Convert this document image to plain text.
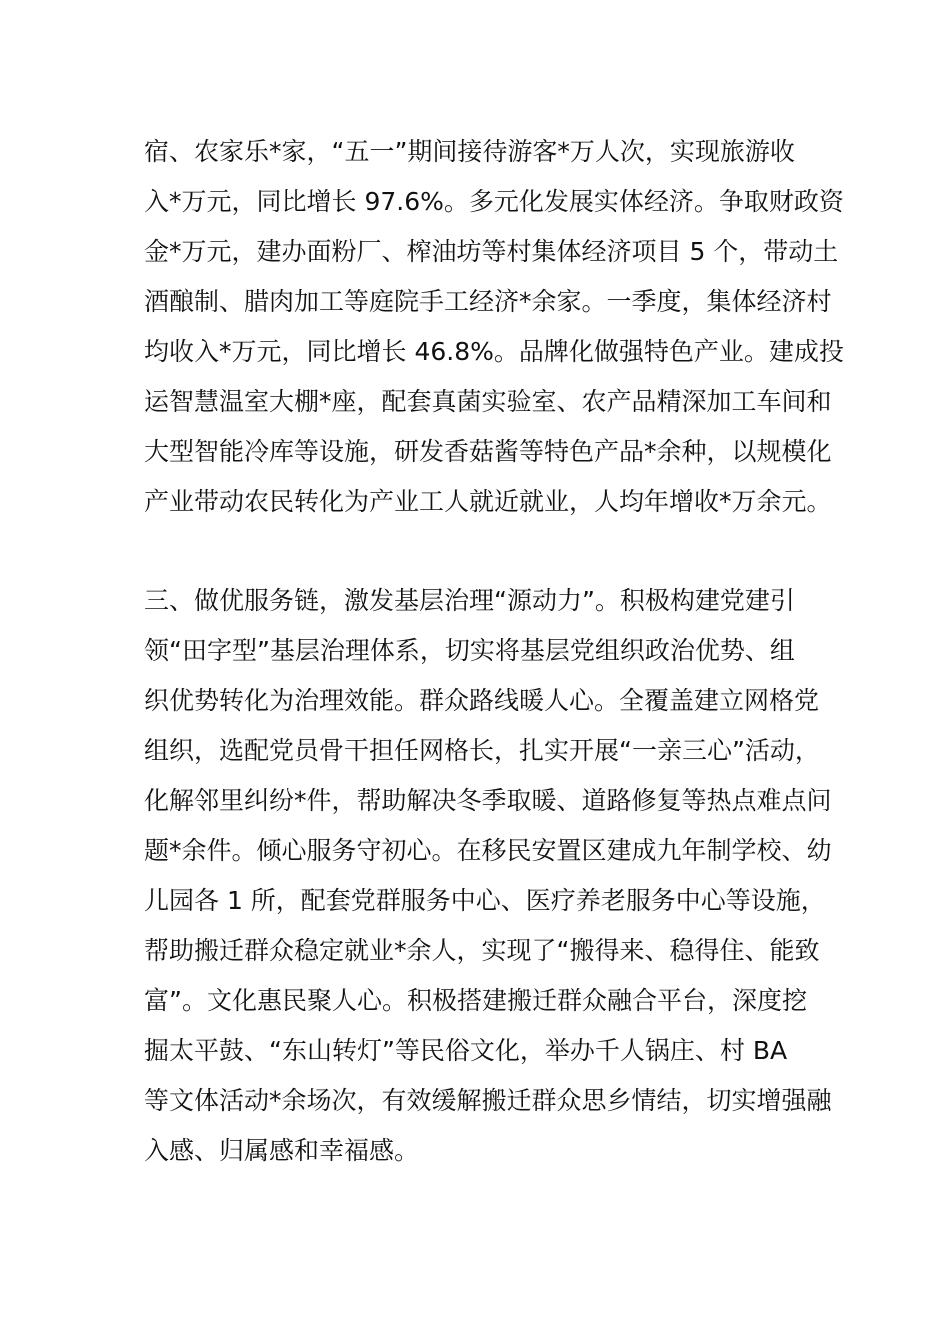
宿、农家乐*家，“五一”期间接待游客*万人次，实现旅游收
入*万元，同比增长 97.6%。多元化发展实体经济。争取财政资
金*万元，建办面粉厂、榨油坊等村集体经济项目 5 个，带动土
酒酿制、腊肉加工等庭院手工经济*余家。一季度，集体经济村
均收入*万元，同比增长 46.8%。品牌化做强特色产业。建成投
运智慧温室大棚*座，配套真菌实验室、农产品精深加工车间和
大型智能冷库等设施，研发香菇酱等特色产品*余种，以规模化
产业带动农民转化为产业工人就近就业，人均年增收*万余元。
三、做优服务链，激发基层治理“源动力”。积极构建党建引
领“田字型”基层治理体系，切实将基层党组织政治优势、组
织优势转化为治理效能。群众路线暖人心。全覆盖建立网格党
组织，选配党员骨干担任网格长，扎实开展“一亲三心”活动，
化解邻里纠纷*件，帮助解决冬季取暖、道路修复等热点难点问
题*余件。倾心服务守初心。在移民安置区建成九年制学校、幼
儿园各 1 所，配套党群服务中心、医疗养老服务中心等设施，
帮助搬迁群众稳定就业*余人，实现了“搬得来、稳得住、能致
富”。文化惠民聚人心。积极搭建搬迁群众融合平台，深度挖
掘太平鼓、“东山转灯”等民俗文化，举办千人锅庄、村 BA
等文体活动*余场次，有效缓解搬迁群众思乡情结，切实增强融
入感、归属感和幸福感。
